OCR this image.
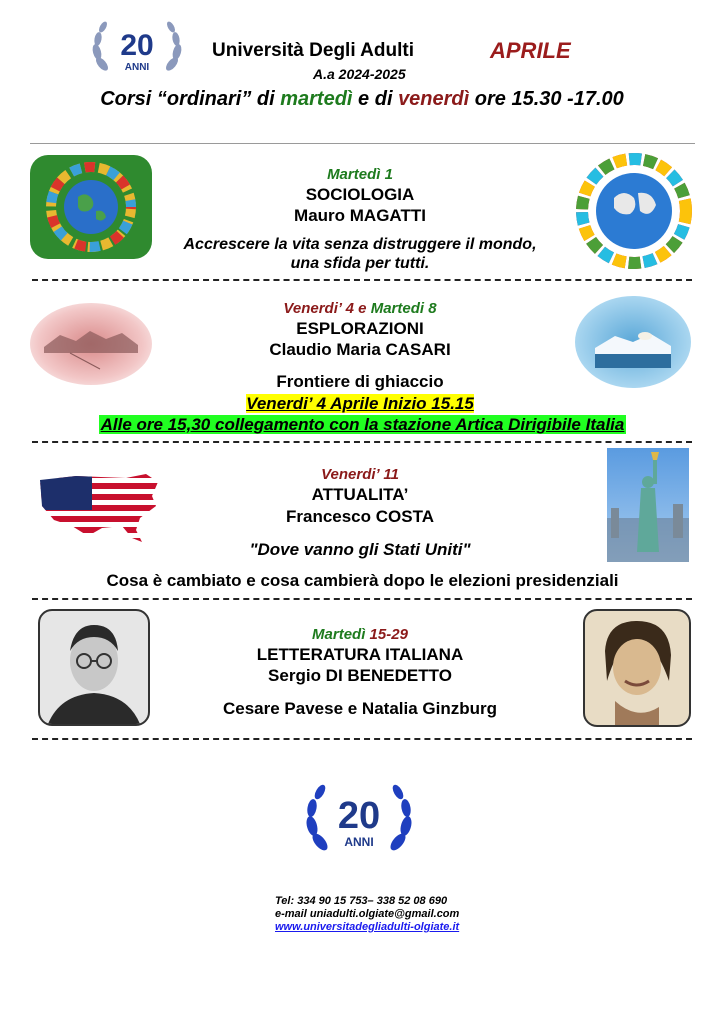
20
ANNI
Università Degli Adulti	APRILE
A.a 2024-2025
Corsi “ordinari” di martedì e di venerdì ore 15.30 -17.00
Martedì 1
SOCIOLOGIA
Mauro MAGATTI
Accrescere la vita senza distruggere il mondo,
una sfida per tutti.
Venerdi’ 4 e Martedi 8
ESPLORAZIONI
Claudio Maria CASARI
Frontiere di ghiaccio
Venerdi’ 4 Aprile Inizio 15.15
Alle ore 15,30 collegamento con la stazione Artica Dirigibile Italia
Venerdi’ 11
ATTUALITA’
Francesco COSTA
"Dove vanno gli Stati Uniti"
Cosa è cambiato e cosa cambierà dopo le elezioni presidenziali
Martedì 15-29
LETTERATURA ITALIANA
Sergio DI BENEDETTO
Cesare Pavese e Natalia Ginzburg
20
ANNI
Tel: 334 90 15 753– 338 52 08 690
e-mail uniadulti.olgiate@gmail.com
www.universitadegliadulti-olgiate.it
